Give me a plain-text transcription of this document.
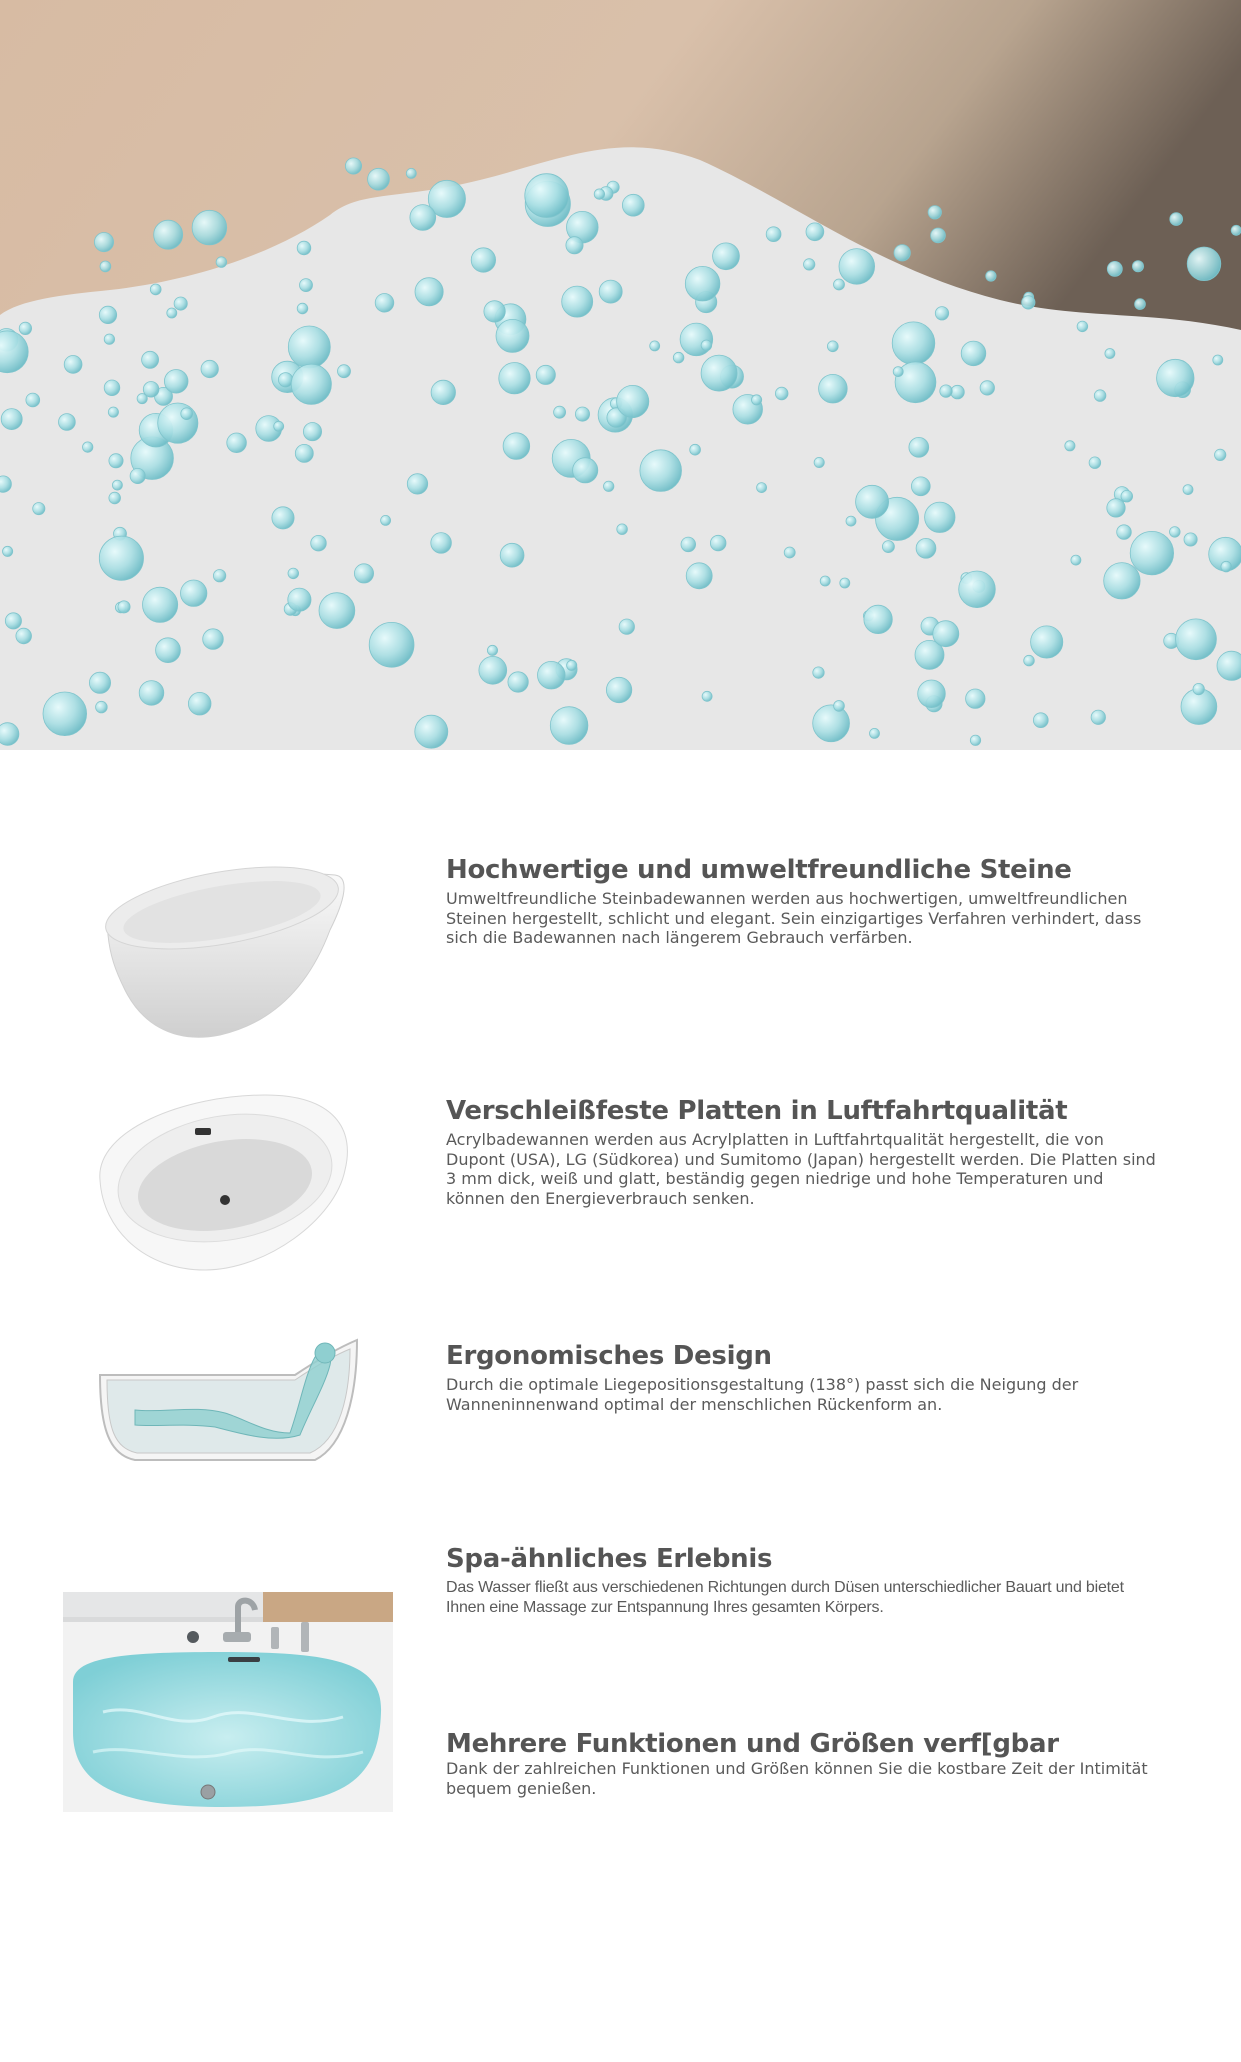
Hochwertige und umweltfreundliche Steine

Umweltfreundliche Steinbadewannen werden aus hochwertigen, umweltfreundlichen Steinen hergestellt, schlicht und elegant. Sein einzigartiges Verfahren verhindert, dass sich die Badewannen nach längerem Gebrauch verfärben.

Verschleißfeste Platten in Luftfahrtqualität

Acrylbadewannen werden aus Acrylplatten in Luftfahrtqualität hergestellt, die von Dupont (USA), LG (Südkorea) und Sumitomo (Japan) hergestellt werden. Die Platten sind 3 mm dick, weiß und glatt, beständig gegen niedrige und hohe Temperaturen und können den Energieverbrauch senken.

Ergonomisches Design

Durch die optimale Liegepositionsgestaltung (138°) passt sich die Neigung der Wanneninnenwand optimal der menschlichen Rückenform an.

Spa-ähnliches Erlebnis

Das Wasser fließt aus verschiedenen Richtungen durch Düsen unterschiedlicher Bauart und bietet Ihnen eine Massage zur Entspannung Ihres gesamten Körpers.

Mehrere Funktionen und Größen verf[gbar

Dank der zahlreichen Funktionen und Größen können Sie die kostbare Zeit der Intimität bequem genießen.
